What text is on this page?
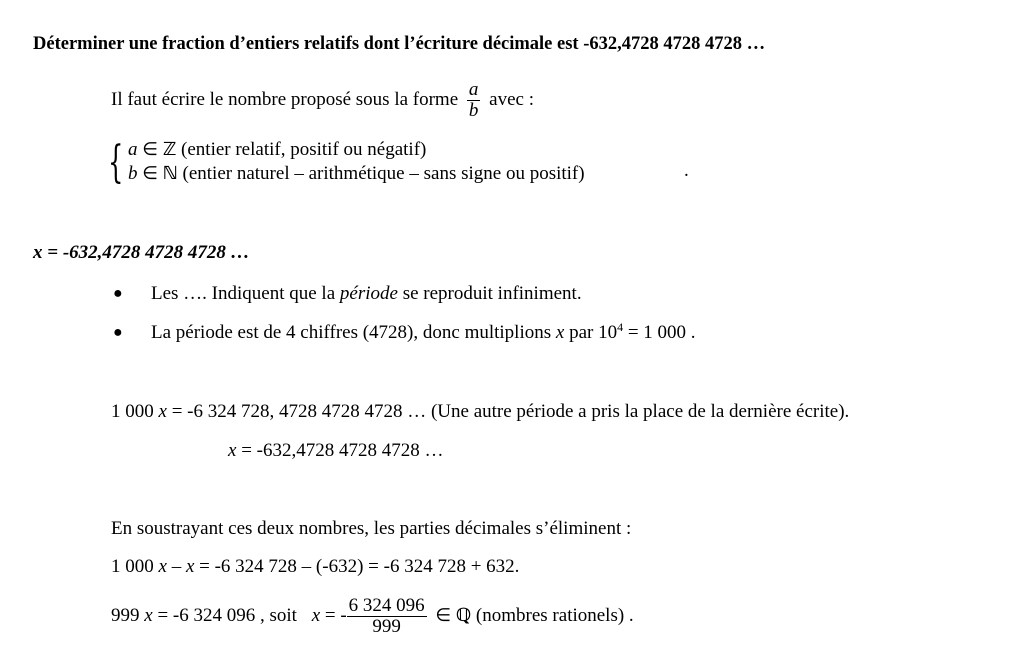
Déterminer une fraction d’entiers relatifs dont l’écriture décimale est -632,4728 4728 4728 …
Il faut écrire le nombre proposé sous la forme $\frac{a}{b}$ avec :
{ a ∈ ℤ (entier relatif, positif ou négatif)
b ∈ ℕ (entier naturel – arithmétique – sans signe ou positif)	.
x = -632,4728 4728 4728 …
● Les …. Indiquent que la période se reproduit infiniment.
● La période est de 4 chiffres (4728), donc multiplions x par $10^4 = 1$ 000 .
1 000 x = -6 324 728, 4728 4728 4728 … (Une autre période a pris la place de la dernière écrite).
x = -632,4728 4728 4728 …
En soustrayant ces deux nombres, les parties décimales s’éliminent :
1 000 x – x = -6 324 728 – (-632) = -6 324 728 + 632.
999 x = -6 324 096 , soit x = - $\frac{6 324 096}{999}$ ∈ ℚ (nombres rationels) .
